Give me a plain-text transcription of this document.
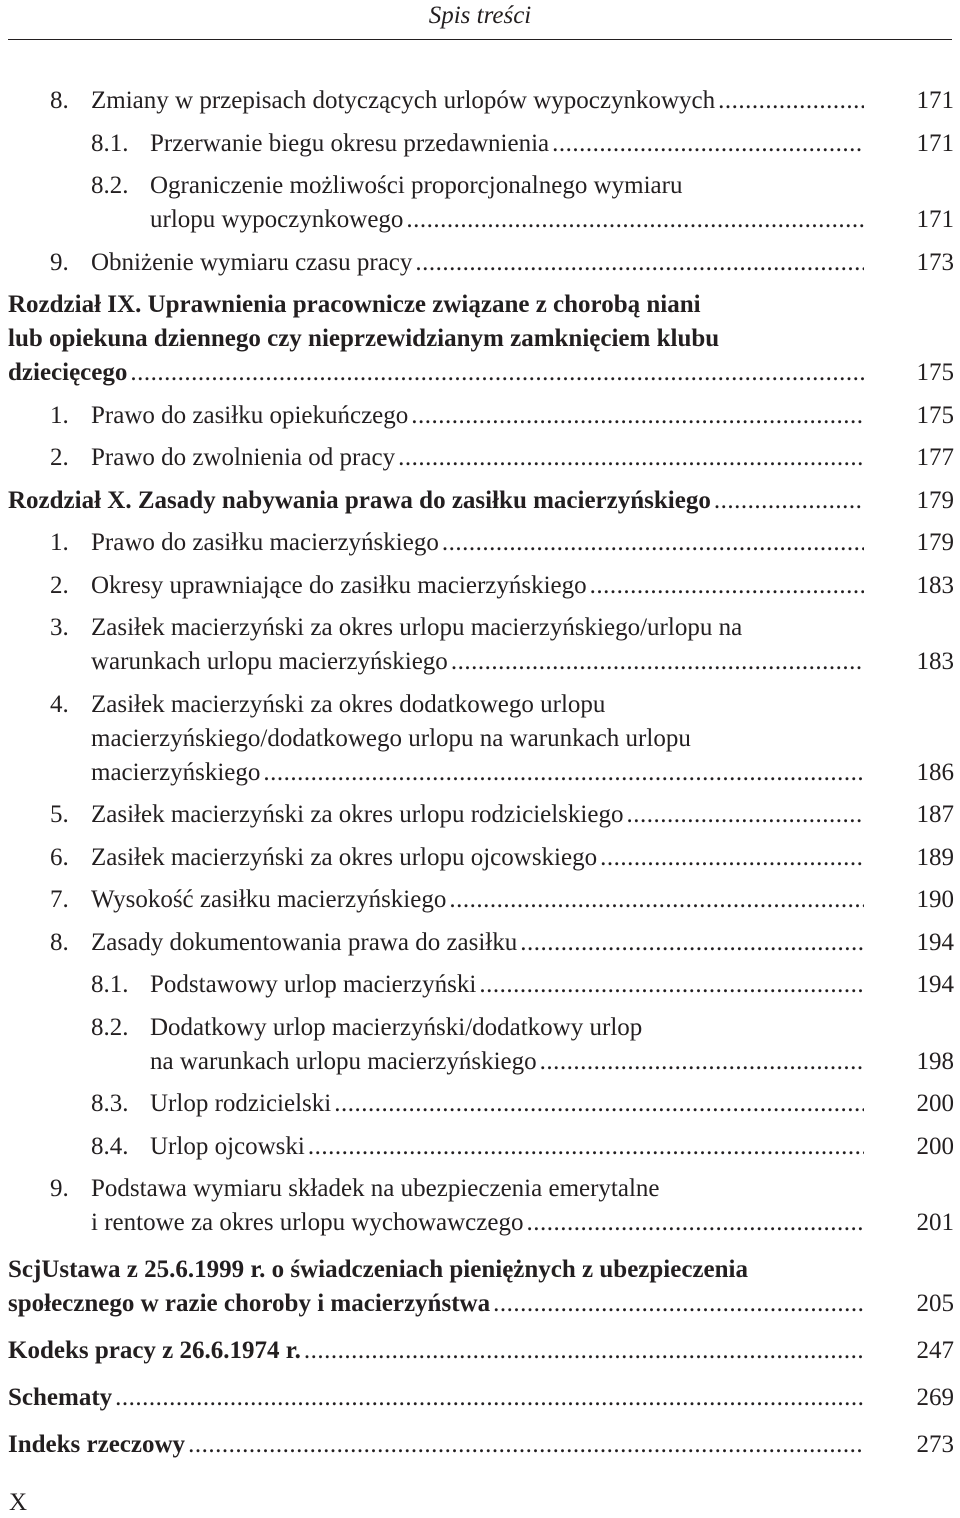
Spis treści
8. Zmiany w przepisach dotyczących urlopów wypoczynkowych .....	171
8.1. Przerwanie biegu okresu przedawnienia .....	171
8.2. Ograniczenie możliwości proporcjonalnego wymiaru
urlopu wypoczynkowego .....	171
9. Obniżenie wymiaru czasu pracy .....	173
Rozdział IX. Uprawnienia pracownicze związane z chorobą niani
lub opiekuna dziennego czy nieprzewidzianym zamknięciem klubu
dziecięcego .....	175
1. Prawo do zasiłku opiekuńczego .....	175
2. Prawo do zwolnienia od pracy .....	177
Rozdział X. Zasady nabywania prawa do zasiłku macierzyńskiego .....	179
1. Prawo do zasiłku macierzyńskiego .....	179
2. Okresy uprawniające do zasiłku macierzyńskiego .....	183
3. Zasiłek macierzyński za okres urlopu macierzyńskiego/urlopu na
warunkach urlopu macierzyńskiego .....	183
4. Zasiłek macierzyński za okres dodatkowego urlopu
macierzyńskiego/dodatkowego urlopu na warunkach urlopu
macierzyńskiego .....	186
5. Zasiłek macierzyński za okres urlopu rodzicielskiego .....	187
6. Zasiłek macierzyński za okres urlopu ojcowskiego .....	189
7. Wysokość zasiłku macierzyńskiego .....	190
8. Zasady dokumentowania prawa do zasiłku .....	194
8.1. Podstawowy urlop macierzyński .....	194
8.2. Dodatkowy urlop macierzyński/dodatkowy urlop
na warunkach urlopu macierzyńskiego .....	198
8.3. Urlop rodzicielski .....	200
8.4. Urlop ojcowski .....	200
9. Podstawa wymiaru składek na ubezpieczenia emerytalne
i rentowe za okres urlopu wychowawczego .....	201
ScjUstawa z 25.6.1999 r. o świadczeniach pieniężnych z ubezpieczenia
społecznego w razie choroby i macierzyństwa .....	205
Kodeks pracy z 26.6.1974 r. .....	247
Schematy .....	269
Indeks rzeczowy .....	273
X
